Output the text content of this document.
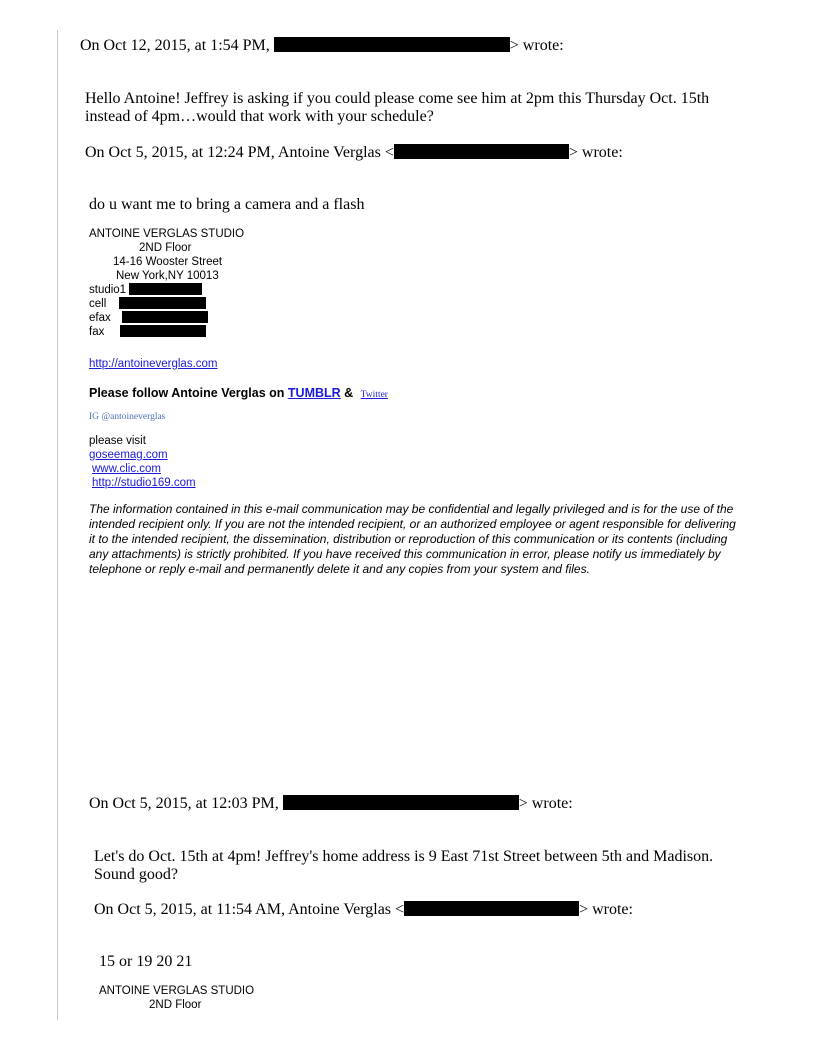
On Oct 12, 2015, at 1:54 PM,	> wrote:
Hello Antoine! Jeffrey is asking if you could please come see him at 2pm this Thursday Oct. 15th instead of 4pm…would that work with your schedule?
On Oct 5, 2015, at 12:24 PM, Antoine Verglas <	> wrote:
do u want me to bring a camera and a flash
ANTOINE VERGLAS STUDIO
2ND Floor
14-16 Wooster Street
New York,NY 10013
studio1
cell
efax
fax
http://antoineverglas.com
Please follow Antoine Verglas on TUMBLR & Twitter
IG @antoineverglas
please visit
goseemag.com
www.clic.com
http://studio169.com
The information contained in this e-mail communication may be confidential and legally privileged and is for the use of the intended recipient only. If you are not the intended recipient, or an authorized employee or agent responsible for delivering it to the intended recipient, the dissemination, distribution or reproduction of this communication or its contents (including any attachments) is strictly prohibited. If you have received this communication in error, please notify us immediately by telephone or reply e-mail and permanently delete it and any copies from your system and files.
On Oct 5, 2015, at 12:03 PM,	> wrote:
Let's do Oct. 15th at 4pm! Jeffrey's home address is 9 East 71st Street between 5th and Madison. Sound good?
On Oct 5, 2015, at 11:54 AM, Antoine Verglas <	> wrote:
15 or 19 20 21
ANTOINE VERGLAS STUDIO
2ND Floor
